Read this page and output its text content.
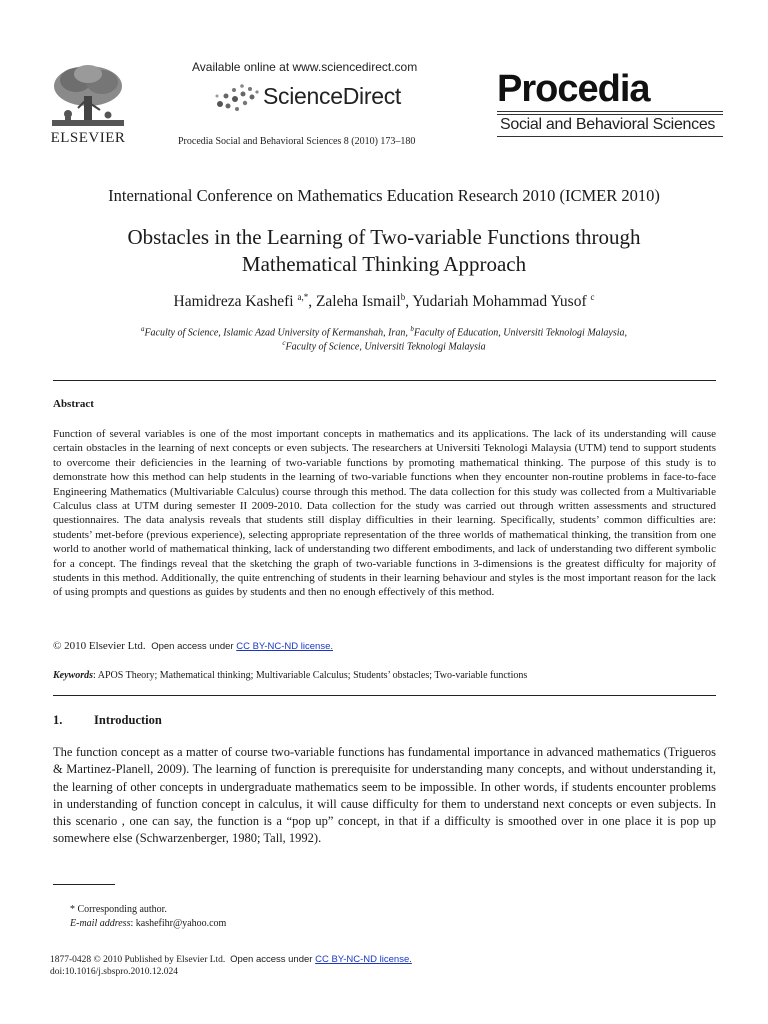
ELSEVIER
Available online at www.sciencedirect.com
ScienceDirect
Procedia Social and Behavioral Sciences 8 (2010) 173–180
Procedia
Social and Behavioral Sciences
International Conference on Mathematics Education Research 2010 (ICMER 2010)
Obstacles in the Learning of Two-variable Functions through
Mathematical Thinking Approach
Hamidreza Kashefi $^{a,*}$, Zaleha Ismail$^b$, Yudariah Mohammad Yusof $^c$
$^a$Faculty of Science, Islamic Azad University of Kermanshah, Iran, $^b$Faculty of Education, Universiti Teknologi Malaysia,
$^c$Faculty of Science, Universiti Teknologi Malaysia
Abstract
Function of several variables is one of the most important concepts in mathematics and its applications. The lack of its understanding will cause certain obstacles in the learning of next concepts or even subjects. The researchers at Universiti Teknologi Malaysia (UTM) tend to support students to overcome their deficiencies in the learning of two-variable functions by promoting mathematical thinking. The purpose of this study is to demonstrate how this method can help students in the learning of two-variable functions when they encounter non-routine problems in face-to-face Engineering Mathematics (Multivariable Calculus) course through this method. The data collection for this study was collected from a Multivariable Calculus class at UTM during semester II 2009-2010. Data collection for the study was carried out through written assessments and structured questionnaires. The data analysis reveals that students still display difficulties in their learning. Specifically, students’ common difficulties are: students’ met-before (previous experience), selecting appropriate representation of the three worlds of mathematical thinking, the transition from one world to another world of mathematical thinking, lack of understanding two different embodiments, and lack of understanding two different symbolic for a concept. The findings reveal that the sketching the graph of two-variable functions in 3-dimensions is the greatest difficulty for majority of students in this method. Additionally, the quite entrenching of students in their learning behaviour and styles is the most important reason for the lack of using prompts and questions as guides by students and then no enough effectively of this method.
© 2010 Elsevier Ltd. Open access under CC BY-NC-ND license.
Keywords: APOS Theory; Mathematical thinking; Multivariable Calculus; Students’ obstacles; Two-variable functions
1.	Introduction
The function concept as a matter of course two-variable functions has fundamental importance in advanced mathematics (Trigueros & Martinez-Planell, 2009). The learning of function is prerequisite for understanding many concepts, and without understanding it, the learning of other concepts in undergraduate mathematics seem to be impossible. In other words, if students encounter problems in understanding of function concept in calculus, it will cause difficulty for them to understand next concepts or even subjects. In this scenario , one can say, the function is a “pop up” concept, in that if a difficulty is smoothed over in one place it is pop up somewhere else (Schwarzenberger, 1980; Tall, 1992).
* Corresponding author.
E-mail address: kashefihr@yahoo.com
1877-0428 © 2010 Published by Elsevier Ltd. Open access under CC BY-NC-ND license.
doi:10.1016/j.sbspro.2010.12.024
